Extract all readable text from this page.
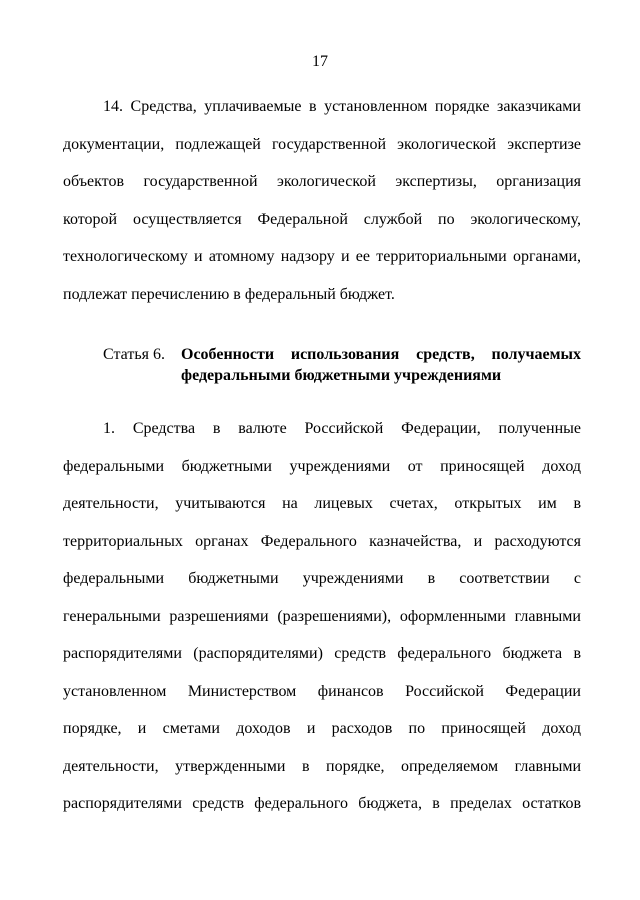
17
14. Средства, уплачиваемые в установленном порядке заказчиками
документации, подлежащей государственной экологической экспертизе
объектов государственной экологической экспертизы, организация
которой осуществляется Федеральной службой по экологическому,
технологическому и атомному надзору и ее территориальными органами,
подлежат перечислению в федеральный бюджет.
Статья 6. Особенности использования средств, получаемых
федеральными бюджетными учреждениями
1. Средства в валюте Российской Федерации, полученные
федеральными бюджетными учреждениями от приносящей доход
деятельности, учитываются на лицевых счетах, открытых им в
территориальных органах Федерального казначейства, и расходуются
федеральными бюджетными учреждениями в соответствии с
генеральными разрешениями (разрешениями), оформленными главными
распорядителями (распорядителями) средств федерального бюджета в
установленном Министерством финансов Российской Федерации
порядке, и сметами доходов и расходов по приносящей доход
деятельности, утвержденными в порядке, определяемом главными
распорядителями средств федерального бюджета, в пределах остатков
